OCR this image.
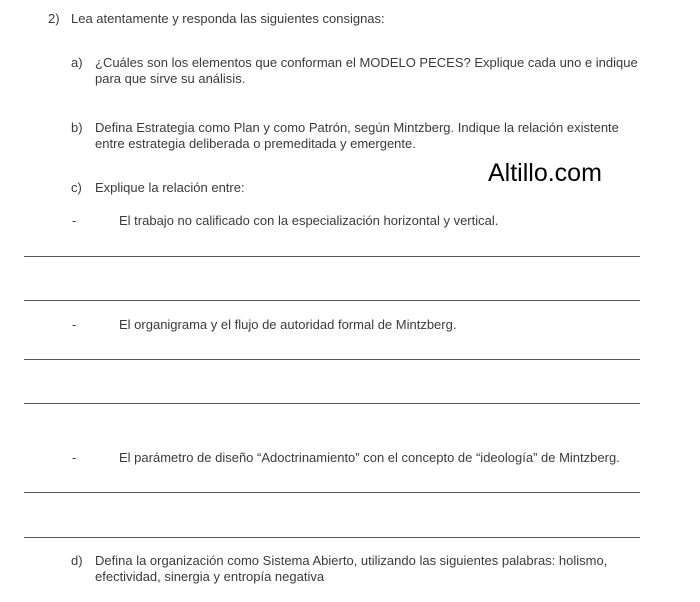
2) Lea atentamente y responda las siguientes consignas:
a) ¿Cuáles son los elementos que conforman el MODELO PECES? Explique cada uno e indique
para que sirve su análisis.
b) Defina Estrategia como Plan y como Patrón, según Mintzberg. Indique la relación existente
entre estrategia deliberada o premeditada y emergente.
c) Explique la relación entre:
Altillo.com
-	El trabajo no calificado con la especialización horizontal y vertical.
-	El organigrama y el flujo de autoridad formal de Mintzberg.
-	El parámetro de diseño “Adoctrinamiento” con el concepto de “ideología” de Mintzberg.
d) Defina la organización como Sistema Abierto, utilizando las siguientes palabras: holismo,
efectividad, sinergia y entropía negativa
